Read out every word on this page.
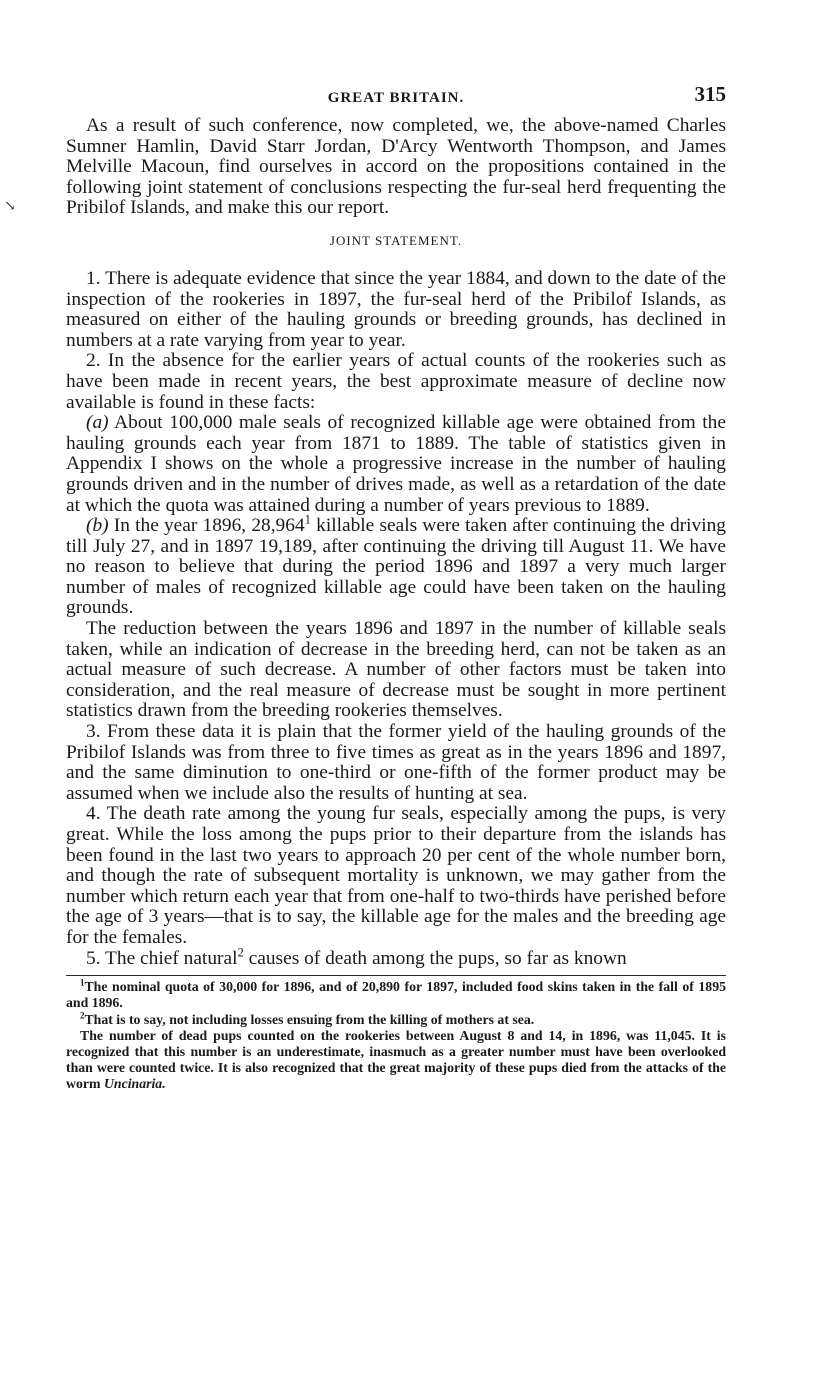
↘
GREAT BRITAIN.	315

As a result of such conference, now completed, we, the above-named Charles Sumner Hamlin, David Starr Jordan, D'Arcy Wentworth Thompson, and James Melville Macoun, find ourselves in accord on the propositions contained in the following joint statement of conclusions respecting the fur-seal herd frequenting the Pribilof Islands, and make this our report.

JOINT STATEMENT.

1. There is adequate evidence that since the year 1884, and down to the date of the inspection of the rookeries in 1897, the fur-seal herd of the Pribilof Islands, as measured on either of the hauling grounds or breeding grounds, has declined in numbers at a rate varying from year to year.

2. In the absence for the earlier years of actual counts of the rookeries such as have been made in recent years, the best approximate measure of decline now available is found in these facts:

(a) About 100,000 male seals of recognized killable age were obtained from the hauling grounds each year from 1871 to 1889. The table of statistics given in Appendix I shows on the whole a progressive increase in the number of hauling grounds driven and in the number of drives made, as well as a retardation of the date at which the quota was attained during a number of years previous to 1889.

(b) In the year 1896, 28,964$^1$ killable seals were taken after continuing the driving till July 27, and in 1897 19,189, after continuing the driving till August 11. We have no reason to believe that during the period 1896 and 1897 a very much larger number of males of recognized killable age could have been taken on the hauling grounds.

The reduction between the years 1896 and 1897 in the number of killable seals taken, while an indication of decrease in the breeding herd, can not be taken as an actual measure of such decrease. A number of other factors must be taken into consideration, and the real measure of decrease must be sought in more pertinent statistics drawn from the breeding rookeries themselves.

3. From these data it is plain that the former yield of the hauling grounds of the Pribilof Islands was from three to five times as great as in the years 1896 and 1897, and the same diminution to one-third or one-fifth of the former product may be assumed when we include also the results of hunting at sea.

4. The death rate among the young fur seals, especially among the pups, is very great. While the loss among the pups prior to their departure from the islands has been found in the last two years to approach 20 per cent of the whole number born, and though the rate of subsequent mortality is unknown, we may gather from the number which return each year that from one-half to two-thirds have perished before the age of 3 years—that is to say, the killable age for the males and the breeding age for the females.

5. The chief natural$^2$ causes of death among the pups, so far as known

$^1$The nominal quota of 30,000 for 1896, and of 20,890 for 1897, included food skins taken in the fall of 1895 and 1896.

$^2$That is to say, not including losses ensuing from the killing of mothers at sea.

The number of dead pups counted on the rookeries between August 8 and 14, in 1896, was 11,045. It is recognized that this number is an underestimate, inasmuch as a greater number must have been overlooked than were counted twice. It is also recognized that the great majority of these pups died from the attacks of the worm Uncinaria.
